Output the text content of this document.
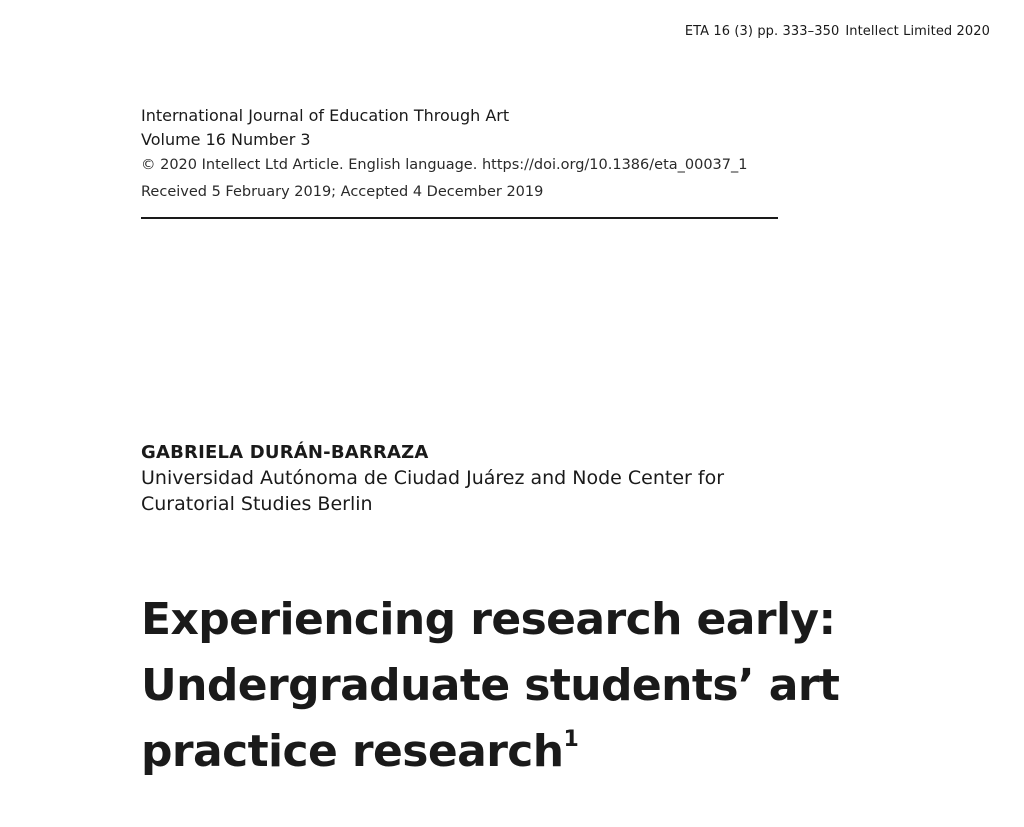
ETA 16 (3) pp. 333–350 Intellect Limited 2020
International Journal of Education Through Art
Volume 16 Number 3
© 2020 Intellect Ltd Article. English language. https://doi.org/10.1386/eta_00037_1
Received 5 February 2019; Accepted 4 December 2019
GABRIELA DURÁN-BARRAZA
Universidad Autónoma de Ciudad Juárez and Node Center for
Curatorial Studies Berlin
Experiencing research early:
Undergraduate students’ art
practice research$^1$
